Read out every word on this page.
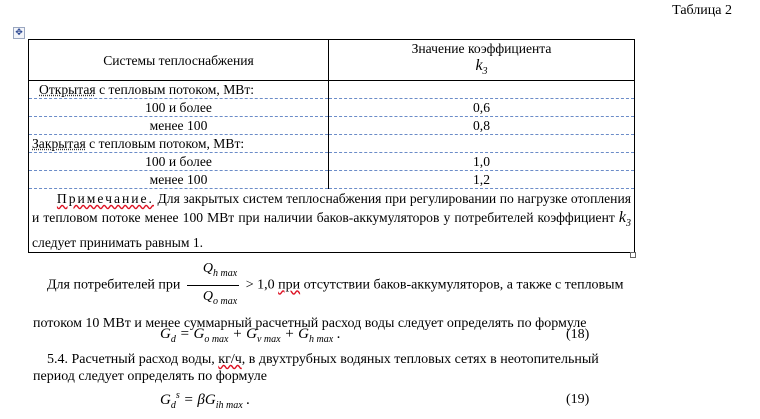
Таблица 2
✥
Системы теплоснабжения	Значение коэффициента
$k_3$
Открытая с тепловым потоком, МВт:	
100 и более	0,6
менее 100	0,8
Закрытая с тепловым потоком, МВт:	
100 и более	1,0
менее 100	1,2
Примечание. Для закрытых систем теплоснабжения при регулировании по нагрузке отопления и тепловом потоке менее 100 МВт при наличии баков-аккумуляторов у потребителей коэффициент $k_3$ следует принимать равным 1.	
Для потребителей при $\frac{Q_{h max}}{Q_{o max}} > 1,0$ при отсутствии баков-аккумуляторов, а также с тепловым
потоком 10 МВт и менее суммарный расчетный расход воды следует определять по формуле
$G_d = G_{o max} + G_{v max} + G_{h max}$ .	(18)
5.4. Расчетный расход воды, кг/ч, в двухтрубных водяных тепловых сетях в неотопительный
период следует определять по формуле
$G_d^s = \beta G_{ih max}$ .	(19)
